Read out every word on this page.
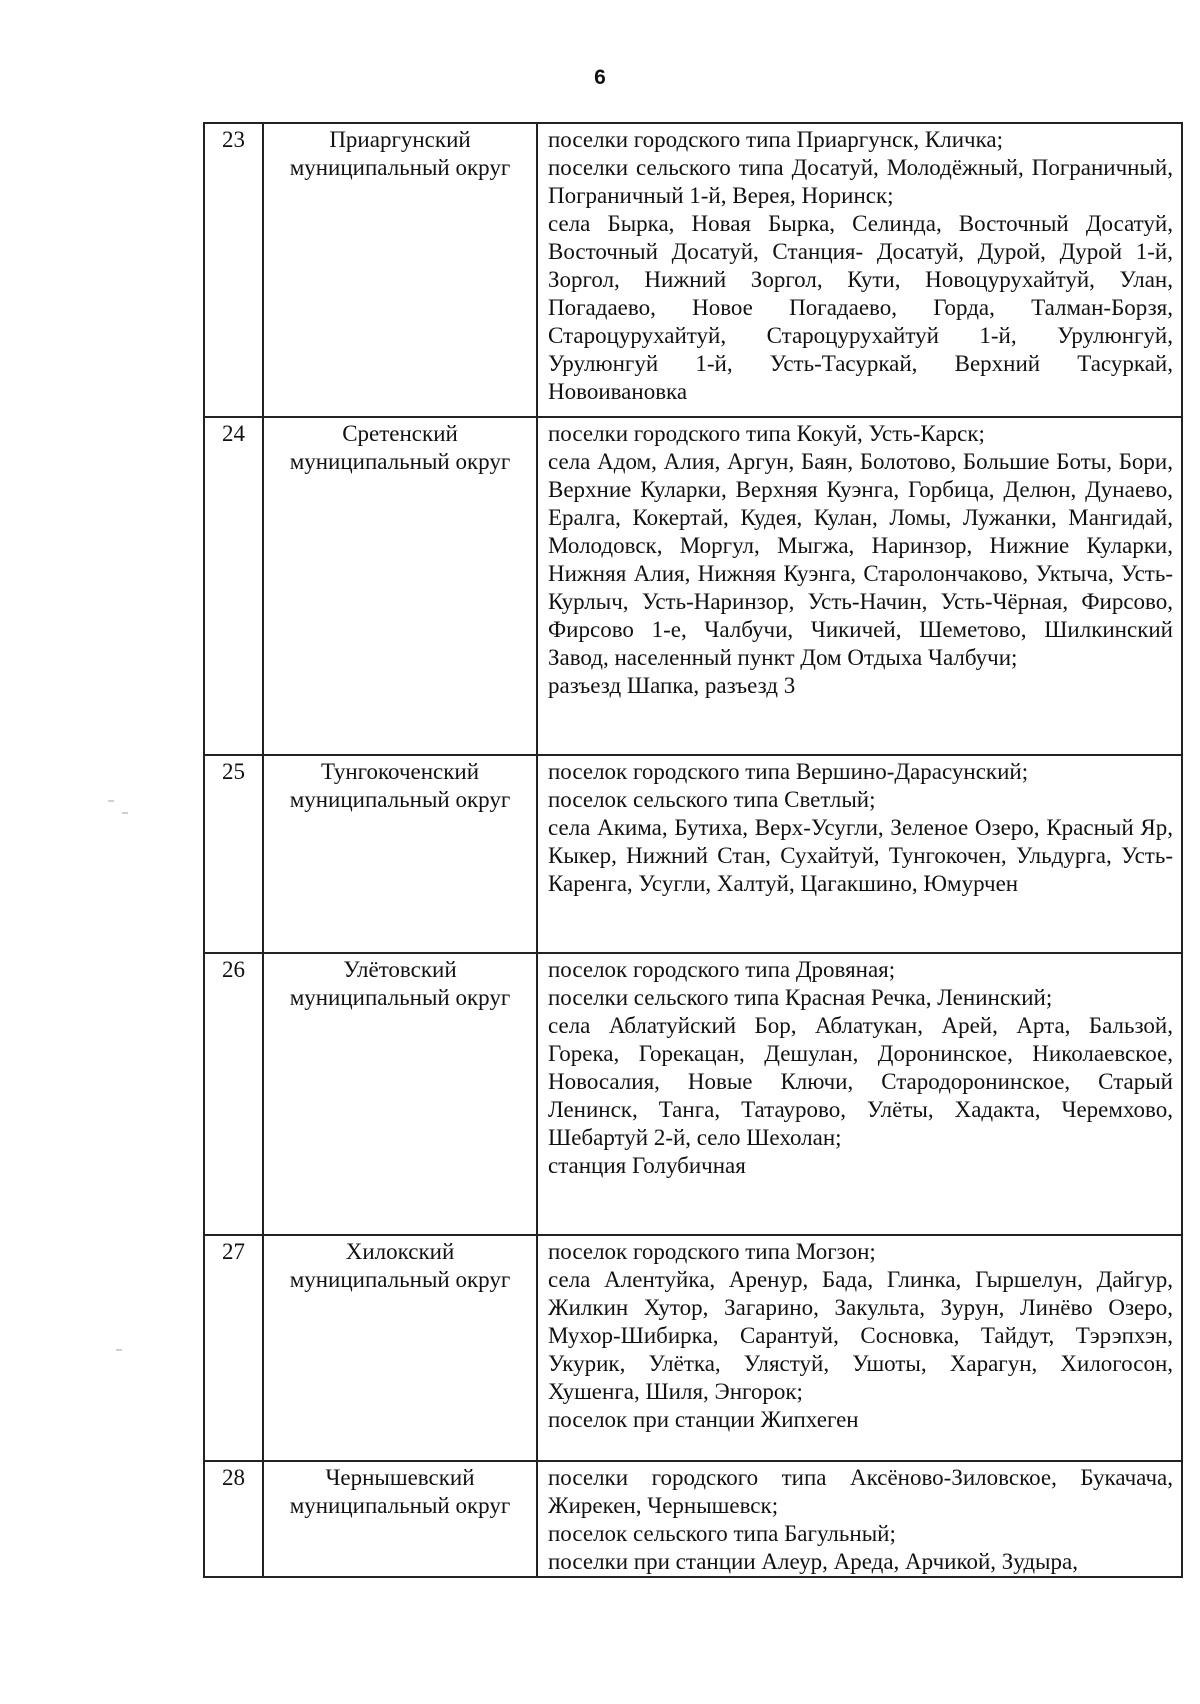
6
23	Приаргунский муниципальный округ	поселки городского типа Приаргунск, Кличка;
поселки сельского типа Досатуй, Молодёжный, Пограничный, Пограничный 1-й, Верея, Норинск;
села Бырка, Новая Бырка, Селинда, Восточный Досатуй, Восточный Досатуй, Станция- Досатуй, Дурой, Дурой 1-й, Зоргол, Нижний Зоргол, Кути, Новоцурухайтуй, Улан, Погадаево, Новое Погадаево, Горда, Талман-Борзя, Староцурухайтуй, Староцурухайтуй 1-й, Урулюнгуй, Урулюнгуй 1-й, Усть-Тасуркай, Верхний Тасуркай, Новоивановка

24	Сретенский муниципальный округ	поселки городского типа Кокуй, Усть-Карск;
села Адом, Алия, Аргун, Баян, Болотово, Большие Боты, Бори, Верхние Куларки, Верхняя Куэнга, Горбица, Делюн, Дунаево, Ералга, Кокертай, Кудея, Кулан, Ломы, Лужанки, Мангидай, Молодовск, Моргул, Мыгжа, Наринзор, Нижние Куларки, Нижняя Алия, Нижняя Куэнга, Старолончаково, Уктыча, Усть-Курлыч, Усть-Наринзор, Усть-Начин, Усть-Чёрная, Фирсово, Фирсово 1-е, Чалбучи, Чикичей, Шеметово, Шилкинский Завод, населенный пункт Дом Отдыха Чалбучи;
разъезд Шапка, разъезд 3

25	Тунгокоченский муниципальный округ	поселок городского типа Вершино-Дарасунский;
поселок сельского типа Светлый;
села Акима, Бутиха, Верх-Усугли, Зеленое Озеро, Красный Яр, Кыкер, Нижний Стан, Сухайтуй, Тунгокочен, Ульдурга, Усть-Каренга, Усугли, Халтуй, Цагакшино, Юмурчен

26	Улётовский муниципальный округ	поселок городского типа Дровяная;
поселки сельского типа Красная Речка, Ленинский;
села Аблатуйский Бор, Аблатукан, Арей, Арта, Бальзой, Горека, Горекацан, Дешулан, Доронинское, Николаевское, Новосалия, Новые Ключи, Стародоронинское, Старый Ленинск, Танга, Татаурово, Улёты, Хадакта, Черемхово, Шебартуй 2-й, село Шехолан;
станция Голубичная

27	Хилокский муниципальный округ	поселок городского типа Могзон;
села Алентуйка, Аренур, Бада, Глинка, Гыршелун, Дайгур, Жилкин Хутор, Загарино, Закульта, Зурун, Линёво Озеро, Мухор-Шибирка, Сарантуй, Сосновка, Тайдут, Тэрэпхэн, Укурик, Улётка, Улястуй, Ушоты, Харагун, Хилогосон, Хушенга, Шиля, Энгорок;
поселок при станции Жипхеген

28	Чернышевский муниципальный округ	поселки городского типа Аксёново-Зиловское, Букачача, Жирекен, Чернышевск;
поселок сельского типа Багульный;
поселки при станции Алеур, Ареда, Арчикой, Зудыра,
